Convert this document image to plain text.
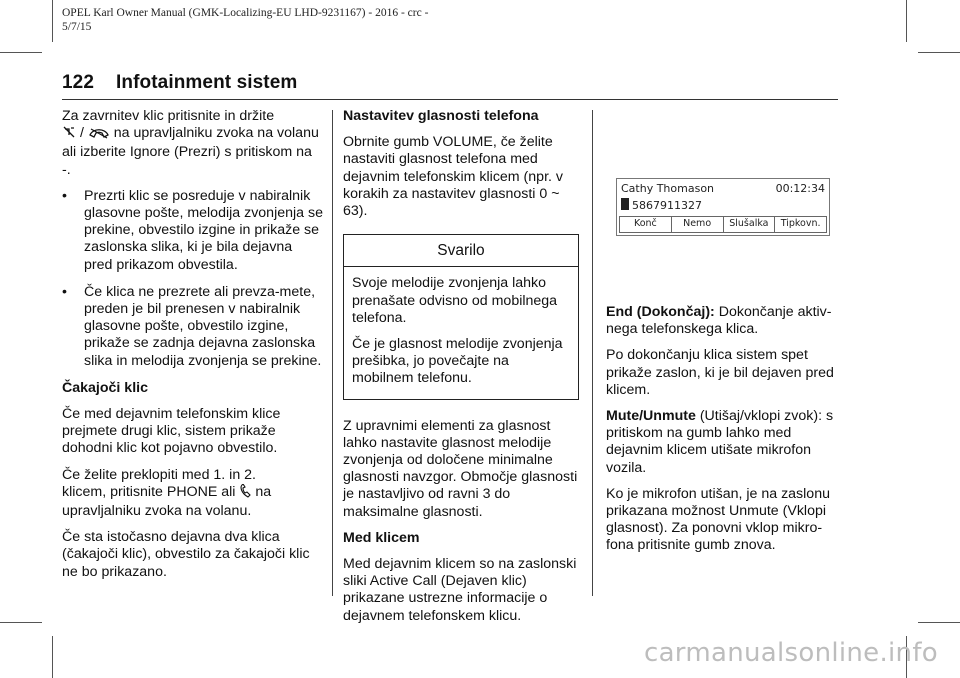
OPEL Karl Owner Manual (GMK-Localizing-EU LHD-9231167) - 2016 - crc -
5/7/15
122 Infotainment sistem

Za zavrnitev klic pritisnite in držite
/  na upravljalniku zvoka na volanu ali izberite Ignore (Prezri) s pritiskom na -.

• Prezrti klic se posreduje v nabiralnik glasovne pošte, melodija zvonjenja se prekine, obvestilo izgine in prikaže se zaslonska slika, ki je bila dejavna pred prikazom obvestila.
• Če klica ne prezrete ali prevza-mete, preden je bil prenesen v nabiralnik glasovne pošte, obvestilo izgine, prikaže se zadnja dejavna zaslonska slika in melodija zvonjenja se prekine.

Čakajoči klic

Če med dejavnim telefonskim klice prejmete drugi klic, sistem prikaže dohodni klic kot pojavno obvestilo.

Če želite preklopiti med 1. in 2.
klicem, pritisnite PHONE ali na
upravljalniku zvoka na volanu.

Če sta istočasno dejavna dva klica (čakajoči klic), obvestilo za čakajoči klic ne bo prikazano.

Nastavitev glasnosti telefona

Obrnite gumb VOLUME, če želite nastaviti glasnost telefona med dejavnim telefonskim klicem (npr. v korakih za nastavitev glasnosti 0 ~ 63).

Svarilo

Svoje melodije zvonjenja lahko prenašate odvisno od mobilnega telefona.

Če je glasnost melodije zvonjenja prešibka, jo povečajte na mobilnem telefonu.

Z upravnimi elementi za glasnost lahko nastavite glasnost melodije zvonjenja od določene minimalne glasnosti navzgor. Območje glasnosti je nastavljivo od ravni 3 do maksimalne glasnosti.

Med klicem

Med dejavnim klicem so na zaslonski sliki Active Call (Dejaven klic) prikazane ustrezne informacije o dejavnem telefonskem klicu.

Cathy Thomason	00:12:34
5867911327
Konč	Nemo	Slušalka	Tipkovn.

End (Dokončaj): Dokončanje aktiv-nega telefonskega klica.

Po dokončanju klica sistem spet prikaže zaslon, ki je bil dejaven pred klicem.

Mute/Unmute (Utišaj/vklopi zvok): s pritiskom na gumb lahko med dejavnim klicem utišate mikrofon vozila.

Ko je mikrofon utišan, je na zaslonu prikazana možnost Unmute (Vklopi glasnost). Za ponovni vklop mikro-fona pritisnite gumb znova.

carmanualsonline.info
